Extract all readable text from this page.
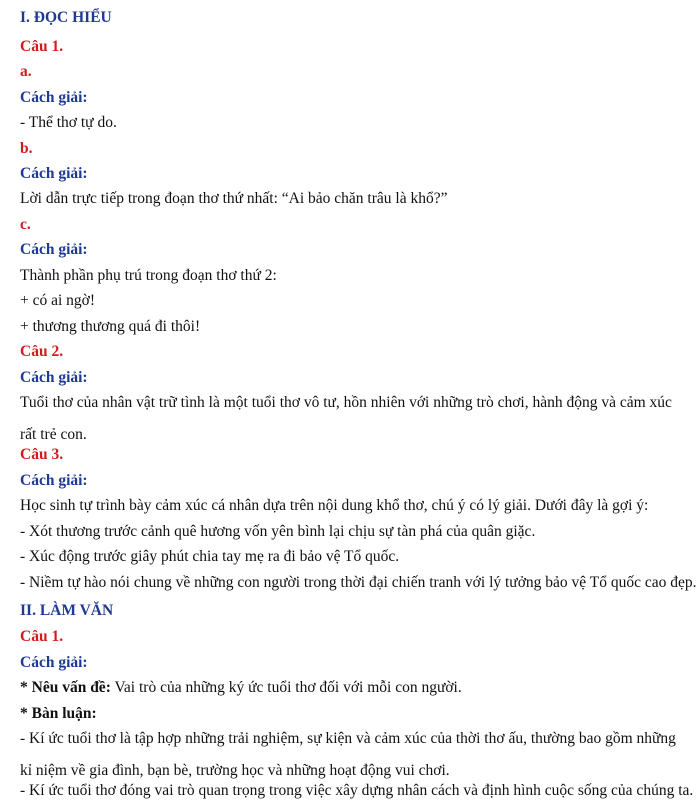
I. ĐỌC HIỂU
Câu 1.
a.
Cách giải:
- Thể thơ tự do.
b.
Cách giải:
Lời dẫn trực tiếp trong đoạn thơ thứ nhất: “Ai bảo chăn trâu là khổ?”
c.
Cách giải:
Thành phần phụ trú trong đoạn thơ thứ 2:
+ có ai ngờ!
+ thương thương quá đi thôi!
Câu 2.
Cách giải:
Tuổi thơ của nhân vật trữ tình là một tuổi thơ vô tư, hồn nhiên với những trò chơi, hành động và cảm xúc rất trẻ con.
Câu 3.
Cách giải:
Học sinh tự trình bày cảm xúc cá nhân dựa trên nội dung khổ thơ, chú ý có lý giải. Dưới đây là gợi ý:
- Xót thương trước cảnh quê hương vốn yên bình lại chịu sự tàn phá của quân giặc.
- Xúc động trước giây phút chia tay mẹ ra đi bảo vệ Tổ quốc.
- Niềm tự hào nói chung về những con người trong thời đại chiến tranh với lý tưởng bảo vệ Tổ quốc cao đẹp.
II. LÀM VĂN
Câu 1.
Cách giải:
* Nêu vấn đề: Vai trò của những ký ức tuổi thơ đối với mỗi con người.
* Bàn luận:
- Kí ức tuổi thơ là tập hợp những trải nghiệm, sự kiện và cảm xúc của thời thơ ấu, thường bao gồm những kỉ niệm về gia đình, bạn bè, trường học và những hoạt động vui chơi.
- Kí ức tuổi thơ đóng vai trò quan trọng trong việc xây dựng nhân cách và định hình cuộc sống của chúng ta.
